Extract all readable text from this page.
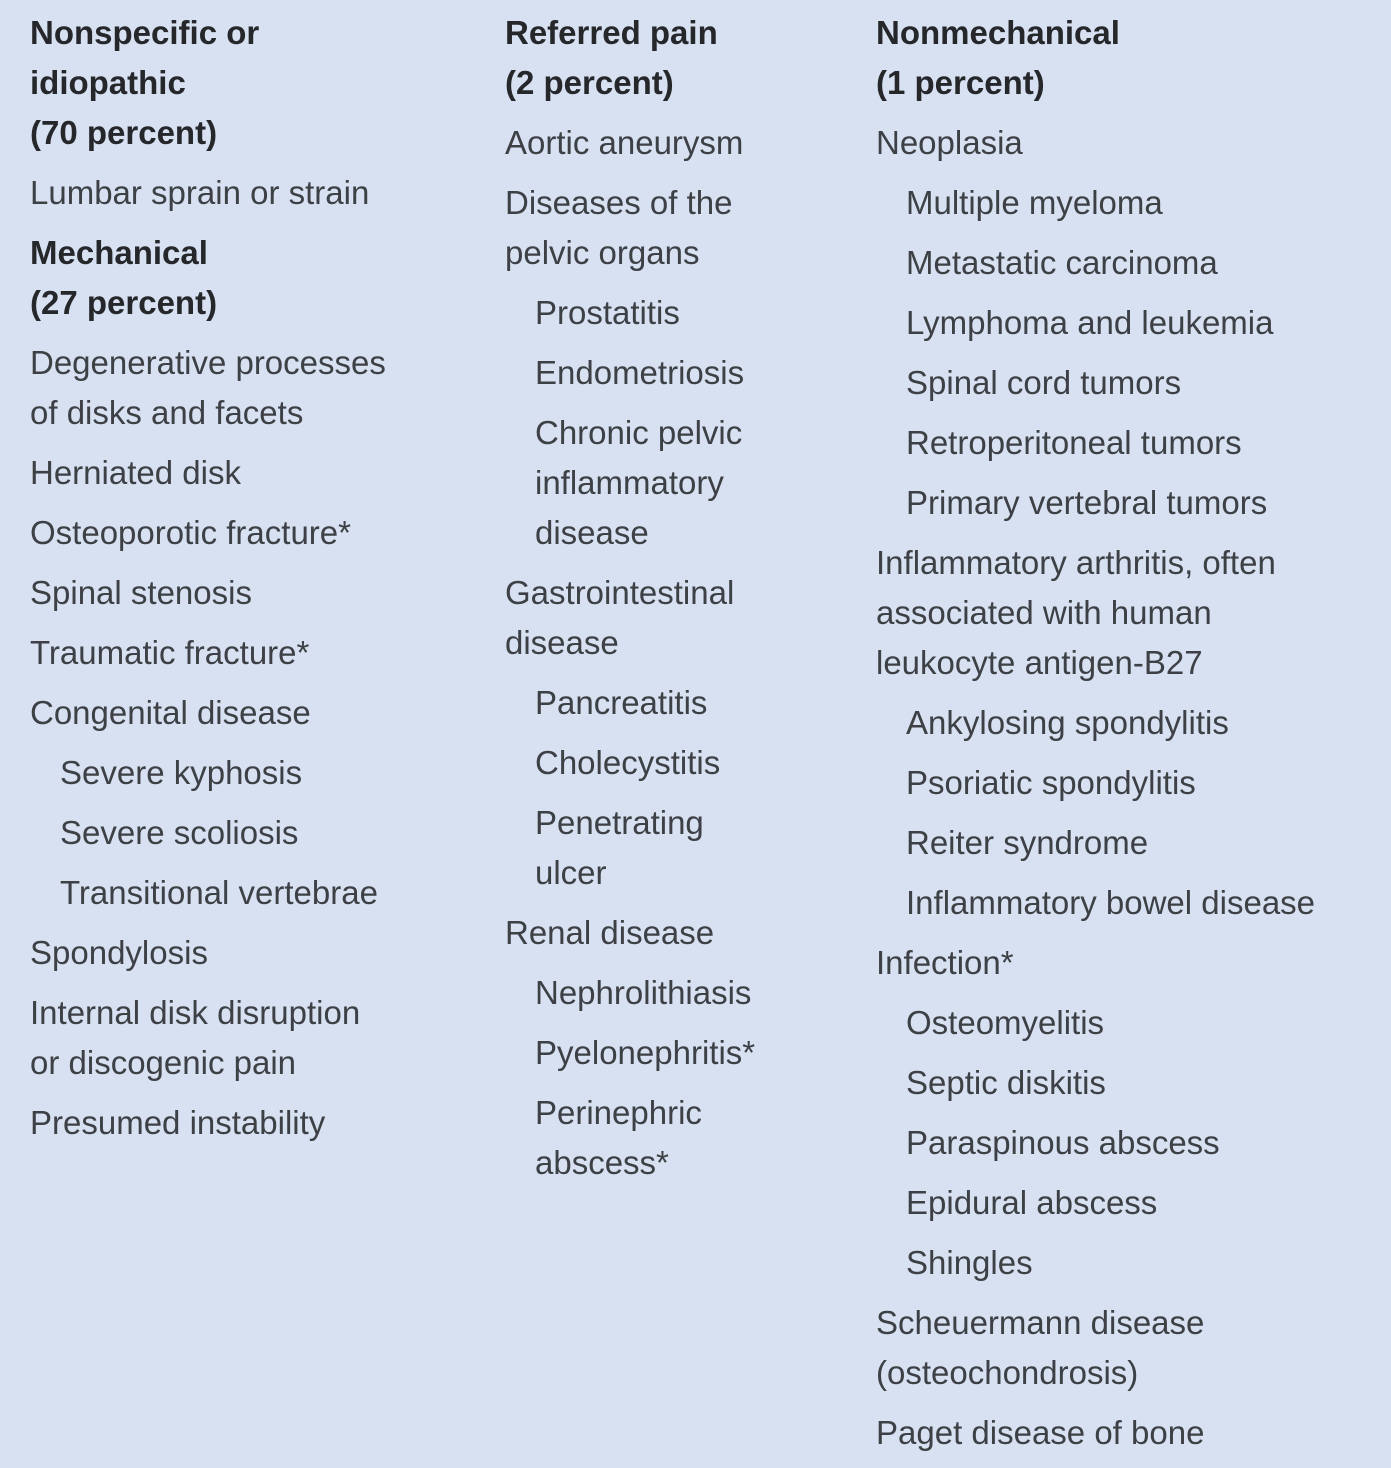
Nonspecific or
idiopathic
(70 percent)
Lumbar sprain or strain
Mechanical
(27 percent)
Degenerative processes
of disks and facets
Herniated disk
Osteoporotic fracture*
Spinal stenosis
Traumatic fracture*
Congenital disease
Severe kyphosis
Severe scoliosis
Transitional vertebrae
Spondylosis
Internal disk disruption
or discogenic pain
Presumed instability
Referred pain
(2 percent)
Aortic aneurysm
Diseases of the
pelvic organs
Prostatitis
Endometriosis
Chronic pelvic
inflammatory
disease
Gastrointestinal
disease
Pancreatitis
Cholecystitis
Penetrating
ulcer
Renal disease
Nephrolithiasis
Pyelonephritis*
Perinephric
abscess*
Nonmechanical
(1 percent)
Neoplasia
Multiple myeloma
Metastatic carcinoma
Lymphoma and leukemia
Spinal cord tumors
Retroperitoneal tumors
Primary vertebral tumors
Inflammatory arthritis, often
associated with human
leukocyte antigen-B27
Ankylosing spondylitis
Psoriatic spondylitis
Reiter syndrome
Inflammatory bowel disease
Infection*
Osteomyelitis
Septic diskitis
Paraspinous abscess
Epidural abscess
Shingles
Scheuermann disease
(osteochondrosis)
Paget disease of bone
